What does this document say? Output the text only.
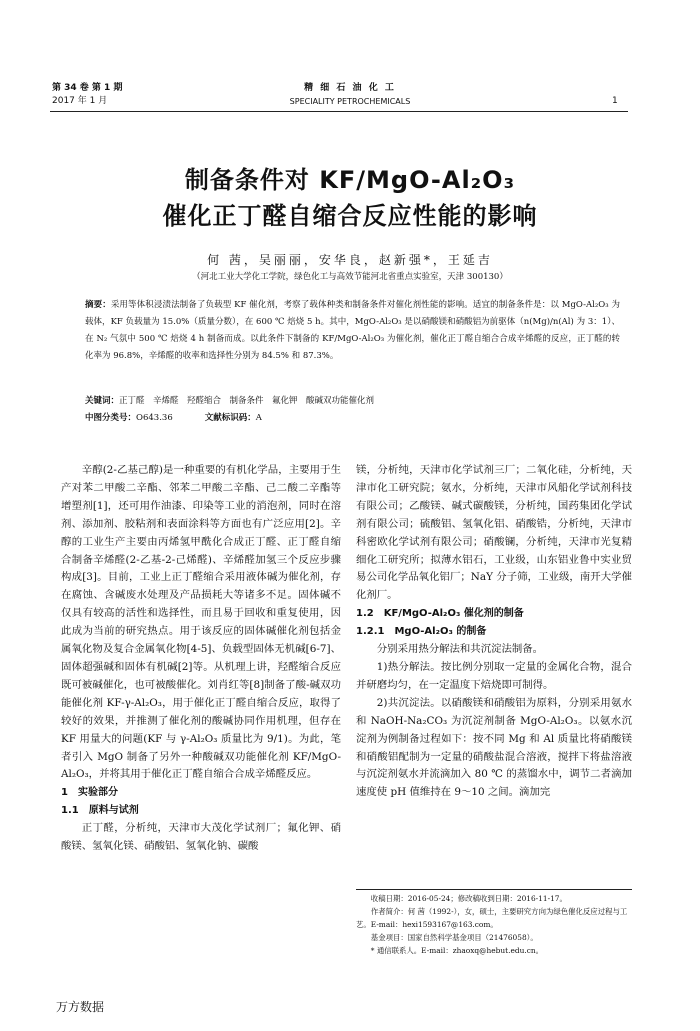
第 34 卷 第 1 期
2017 年 1 月
精 细 石 油 化 工
SPECIALITY PETROCHEMICALS	1
制备条件对 KF/MgO-Al₂O₃
催化正丁醛自缩合反应性能的影响
何 茜，吴丽丽，安华良，赵新强*，王延吉
（河北工业大学化工学院，绿色化工与高效节能河北省重点实验室，天津 300130）
摘要：采用等体积浸渍法制备了负载型 KF 催化剂，考察了载体种类和制备条件对催化剂性能的影响。适宜的制备条件是：以 MgO-Al₂O₃ 为载体，KF 负载量为 15.0%（质量分数），在 600 ℃ 焙烧 5 h。其中，MgO-Al₂O₃ 是以硝酸镁和硝酸铝为前驱体（n(Mg)/n(Al) 为 3：1）、在 N₂ 气氛中 500 ℃ 焙烧 4 h 制备而成。以此条件下制备的 KF/MgO-Al₂O₃ 为催化剂，催化正丁醛自缩合合成辛烯醛的反应，正丁醛的转化率为 96.8%，辛烯醛的收率和选择性分别为 84.5% 和 87.3%。
关键词：正丁醛　辛烯醛　羟醛缩合　制备条件　氟化钾　酸碱双功能催化剂
中图分类号：O643.36	文献标识码：A

辛醇(2-乙基己醇)是一种重要的有机化学品，主要用于生产对苯二甲酸二辛酯、邻苯二甲酸二辛酯、己二酸二辛酯等增塑剂[1]，还可用作油漆、印染等工业的消泡剂，同时在溶剂、添加剂、胶粘剂和表面涂料等方面也有广泛应用[2]。辛醇的工业生产主要由丙烯氢甲酰化合成正丁醛、正丁醛自缩合制备辛烯醛(2-乙基-2-己烯醛)、辛烯醛加氢三个反应步骤构成[3]。目前，工业上正丁醛缩合采用液体碱为催化剂，存在腐蚀、含碱废水处理及产品损耗大等诸多不足。固体碱不仅具有较高的活性和选择性，而且易于回收和重复使用，因此成为当前的研究热点。用于该反应的固体碱催化剂包括金属氧化物及复合金属氧化物[4-5]、负载型固体无机碱[6-7]、固体超强碱和固体有机碱[2]等。从机理上讲，羟醛缩合反应既可被碱催化，也可被酸催化。刘肖红等[8]制备了酸-碱双功能催化剂 KF-γ-Al₂O₃，用于催化正丁醛自缩合反应，取得了较好的效果，并推测了催化剂的酸碱协同作用机理，但存在 KF 用量大的问题(KF 与 γ-Al₂O₃ 质量比为 9/1)。为此，笔者引入 MgO 制备了另外一种酸碱双功能催化剂 KF/MgO-Al₂O₃，并将其用于催化正丁醛自缩合合成辛烯醛反应。

1　实验部分

1.1　原料与试剂

正丁醛，分析纯，天津市大茂化学试剂厂；氟化钾、硝酸镁、氢氧化镁、硝酸铝、氢氧化钠、碳酸

镁，分析纯，天津市化学试剂三厂；二氧化硅，分析纯，天津市化工研究院；氨水，分析纯，天津市风船化学试剂科技有限公司；乙酸镁、碱式碳酸镁，分析纯，国药集团化学试剂有限公司；硫酸铝、氢氧化铝、硝酸锆，分析纯，天津市科密欧化学试剂有限公司；硝酸镧，分析纯，天津市光复精细化工研究所；拟薄水铝石，工业级，山东铝业鲁中实业贸易公司化学品氧化铝厂；NaY 分子筛，工业级，南开大学催化剂厂。

1.2　KF/MgO-Al₂O₃ 催化剂的制备

1.2.1　MgO-Al₂O₃ 的制备

分别采用热分解法和共沉淀法制备。

1)热分解法。按比例分别取一定量的金属化合物，混合并研磨均匀，在一定温度下焙烧即可制得。

2)共沉淀法。以硝酸镁和硝酸铝为原料，分别采用氨水和 NaOH-Na₂CO₃ 为沉淀剂制备 MgO-Al₂O₃。以氨水沉淀剂为例制备过程如下：按不同 Mg 和 Al 质量比将硝酸镁和硝酸铝配制为一定量的硝酸盐混合溶液，搅拌下将盐溶液与沉淀剂氨水并流滴加入 80 ℃ 的蒸馏水中，调节二者滴加速度使 pH 值维持在 9～10 之间。滴加完

收稿日期：2016-05-24；修改稿收到日期：2016-11-17。
作者简介：何 茜（1992-），女，硕士，主要研究方向为绿色催化反应过程与工艺。E-mail：hexi1593167@163.com。
基金项目：国家自然科学基金项目（21476058）。
* 通信联系人。E-mail：zhaoxq@hebut.edu.cn。
万方数据
